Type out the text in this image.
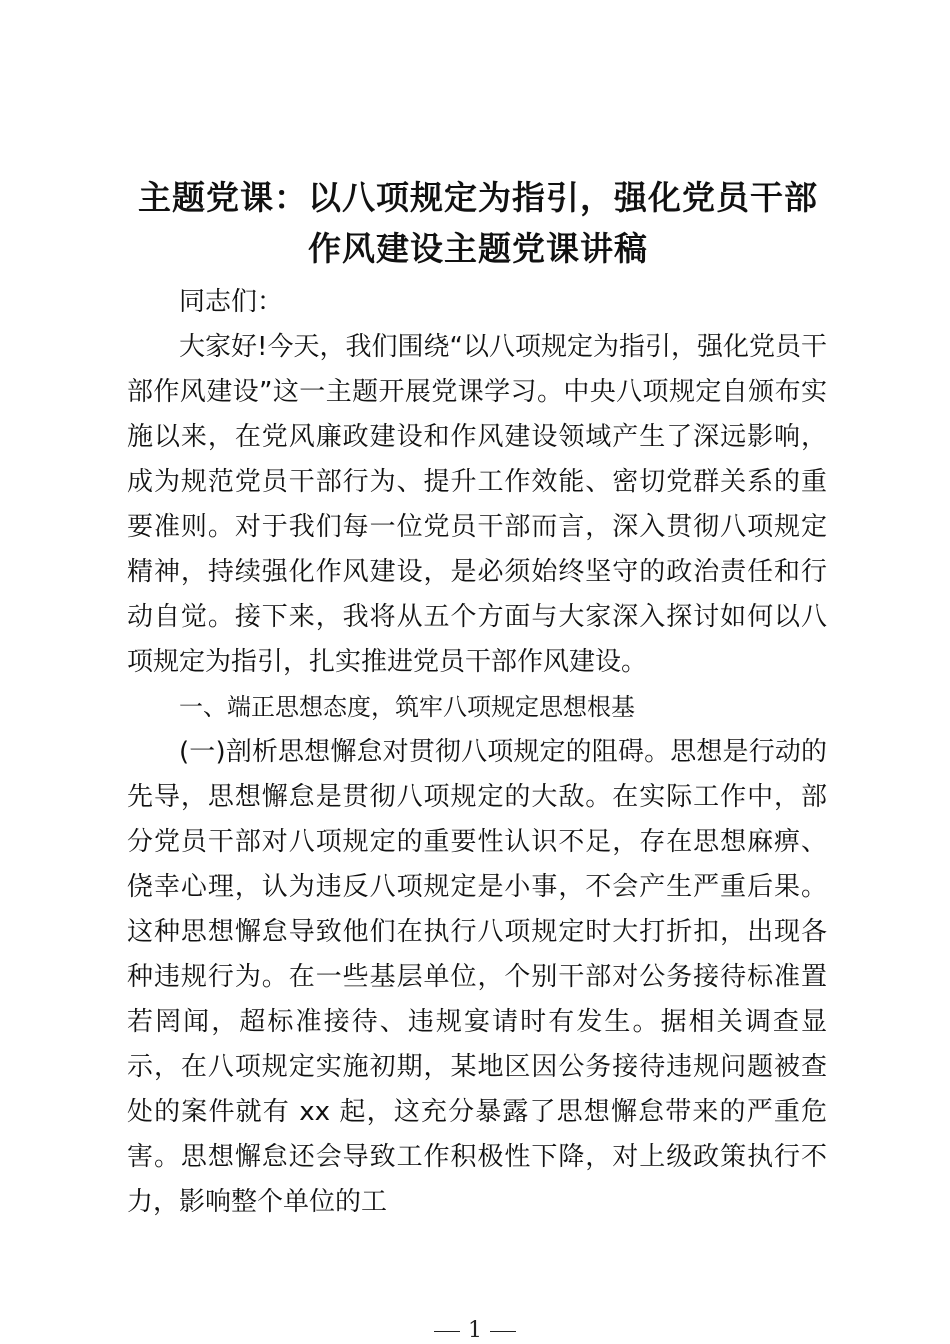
主题党课：以八项规定为指引，强化党员干部
作风建设主题党课讲稿

同志们：

大家好!今天，我们围绕“以八项规定为指引，强化党员干部作风建设”这一主题开展党课学习。中央八项规定自颁布实施以来，在党风廉政建设和作风建设领域产生了深远影响，成为规范党员干部行为、提升工作效能、密切党群关系的重要准则。对于我们每一位党员干部而言，深入贯彻八项规定精神，持续强化作风建设，是必须始终坚守的政治责任和行动自觉。接下来，我将从五个方面与大家深入探讨如何以八项规定为指引，扎实推进党员干部作风建设。

一、端正思想态度，筑牢八项规定思想根基

(一)剖析思想懈怠对贯彻八项规定的阻碍。思想是行动的先导，思想懈怠是贯彻八项规定的大敌。在实际工作中，部分党员干部对八项规定的重要性认识不足，存在思想麻痹、侥幸心理，认为违反八项规定是小事，不会产生严重后果。这种思想懈怠导致他们在执行八项规定时大打折扣，出现各种违规行为。在一些基层单位，个别干部对公务接待标准置若罔闻，超标准接待、违规宴请时有发生。据相关调查显示，在八项规定实施初期，某地区因公务接待违规问题被查处的案件就有 xx 起，这充分暴露了思想懈怠带来的严重危害。思想懈怠还会导致工作积极性下降，对上级政策执行不力，影响整个单位的工

1
